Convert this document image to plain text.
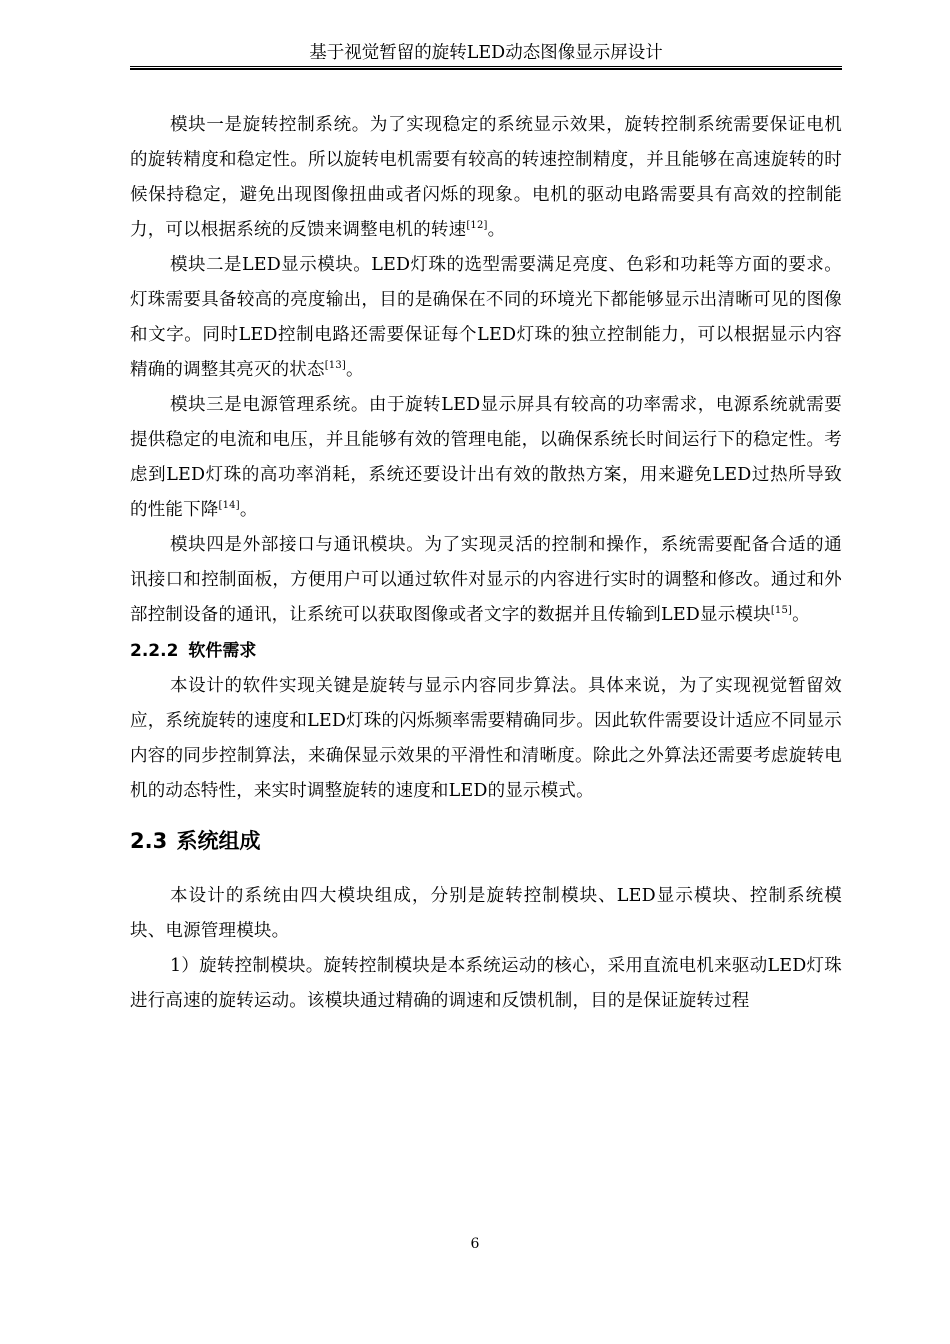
基于视觉暂留的旋转LED动态图像显示屏设计

模块一是旋转控制系统。为了实现稳定的系统显示效果，旋转控制系统需要保证电机的旋转精度和稳定性。所以旋转电机需要有较高的转速控制精度，并且能够在高速旋转的时候保持稳定，避免出现图像扭曲或者闪烁的现象。电机的驱动电路需要具有高效的控制能力，可以根据系统的反馈来调整电机的转速[12]。

模块二是LED显示模块。LED灯珠的选型需要满足亮度、色彩和功耗等方面的要求。灯珠需要具备较高的亮度输出，目的是确保在不同的环境光下都能够显示出清晰可见的图像和文字。同时LED控制电路还需要保证每个LED灯珠的独立控制能力，可以根据显示内容精确的调整其亮灭的状态[13]。

模块三是电源管理系统。由于旋转LED显示屏具有较高的功率需求，电源系统就需要提供稳定的电流和电压，并且能够有效的管理电能，以确保系统长时间运行下的稳定性。考虑到LED灯珠的高功率消耗，系统还要设计出有效的散热方案，用来避免LED过热所导致的性能下降[14]。

模块四是外部接口与通讯模块。为了实现灵活的控制和操作，系统需要配备合适的通讯接口和控制面板，方便用户可以通过软件对显示的内容进行实时的调整和修改。通过和外部控制设备的通讯，让系统可以获取图像或者文字的数据并且传输到LED显示模块[15]。

2.2.2 软件需求

本设计的软件实现关键是旋转与显示内容同步算法。具体来说，为了实现视觉暂留效应，系统旋转的速度和LED灯珠的闪烁频率需要精确同步。因此软件需要设计适应不同显示内容的同步控制算法，来确保显示效果的平滑性和清晰度。除此之外算法还需要考虑旋转电机的动态特性，来实时调整旋转的速度和LED的显示模式。

2.3 系统组成

本设计的系统由四大模块组成，分别是旋转控制模块、LED显示模块、控制系统模块、电源管理模块。

1）旋转控制模块。旋转控制模块是本系统运动的核心，采用直流电机来驱动LED灯珠进行高速的旋转运动。该模块通过精确的调速和反馈机制，目的是保证旋转过程

6
